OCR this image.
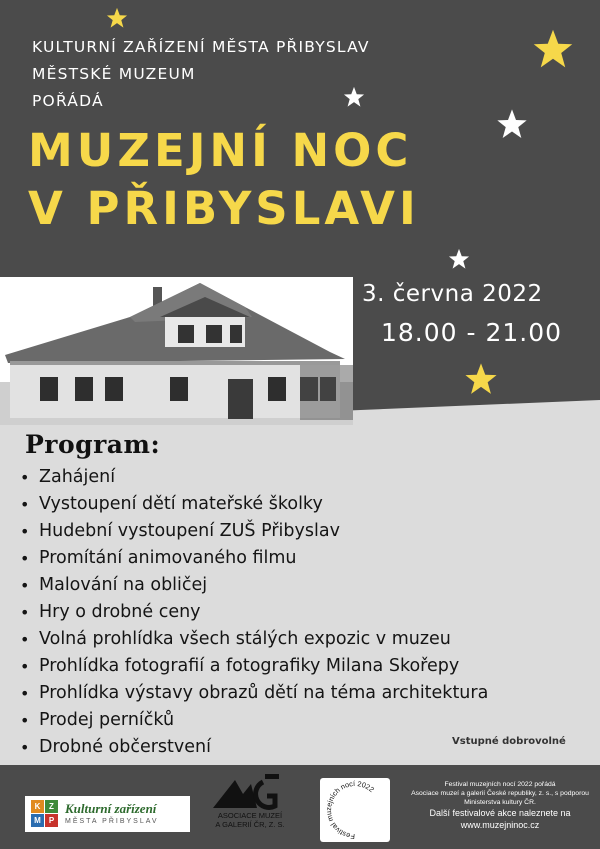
KULTURNÍ ZAŘÍZENÍ MĚSTA PŘIBYSLAV
MĚSTSKÉ MUZEUM
POŘÁDÁ
MUZEJNÍ NOC
V PŘIBYSLAVI
3. června 2022
18.00 - 21.00
Program:
• Zahájení
• Vystoupení dětí mateřské školky
• Hudební vystoupení ZUŠ Přibyslav
• Promítání animovaného filmu
• Malování na obličej
• Hry o drobné ceny
• Volná prohlídka všech stálých expozic v muzeu
• Prohlídka fotografií a fotografiky Milana Skořepy
• Prohlídka výstavy obrazů dětí na téma architektura
• Prodej perníčků
• Drobné občerstvení	Vstupné dobrovolné
K	Z
M	P
Kulturní zařízení
MĚSTA PŘIBYSLAV
ASOCIACE MUZEÍ
A GALERIÍ ČR, Z. S.
Festival muzejních nocí 2022
Festival muzejních nocí 2022 pořádá
Asociace muzeí a galerií České republiky, z. s., s podporou
Ministerstva kultury ČR.
Další festivalové akce naleznete na
www.muzejninoc.cz
